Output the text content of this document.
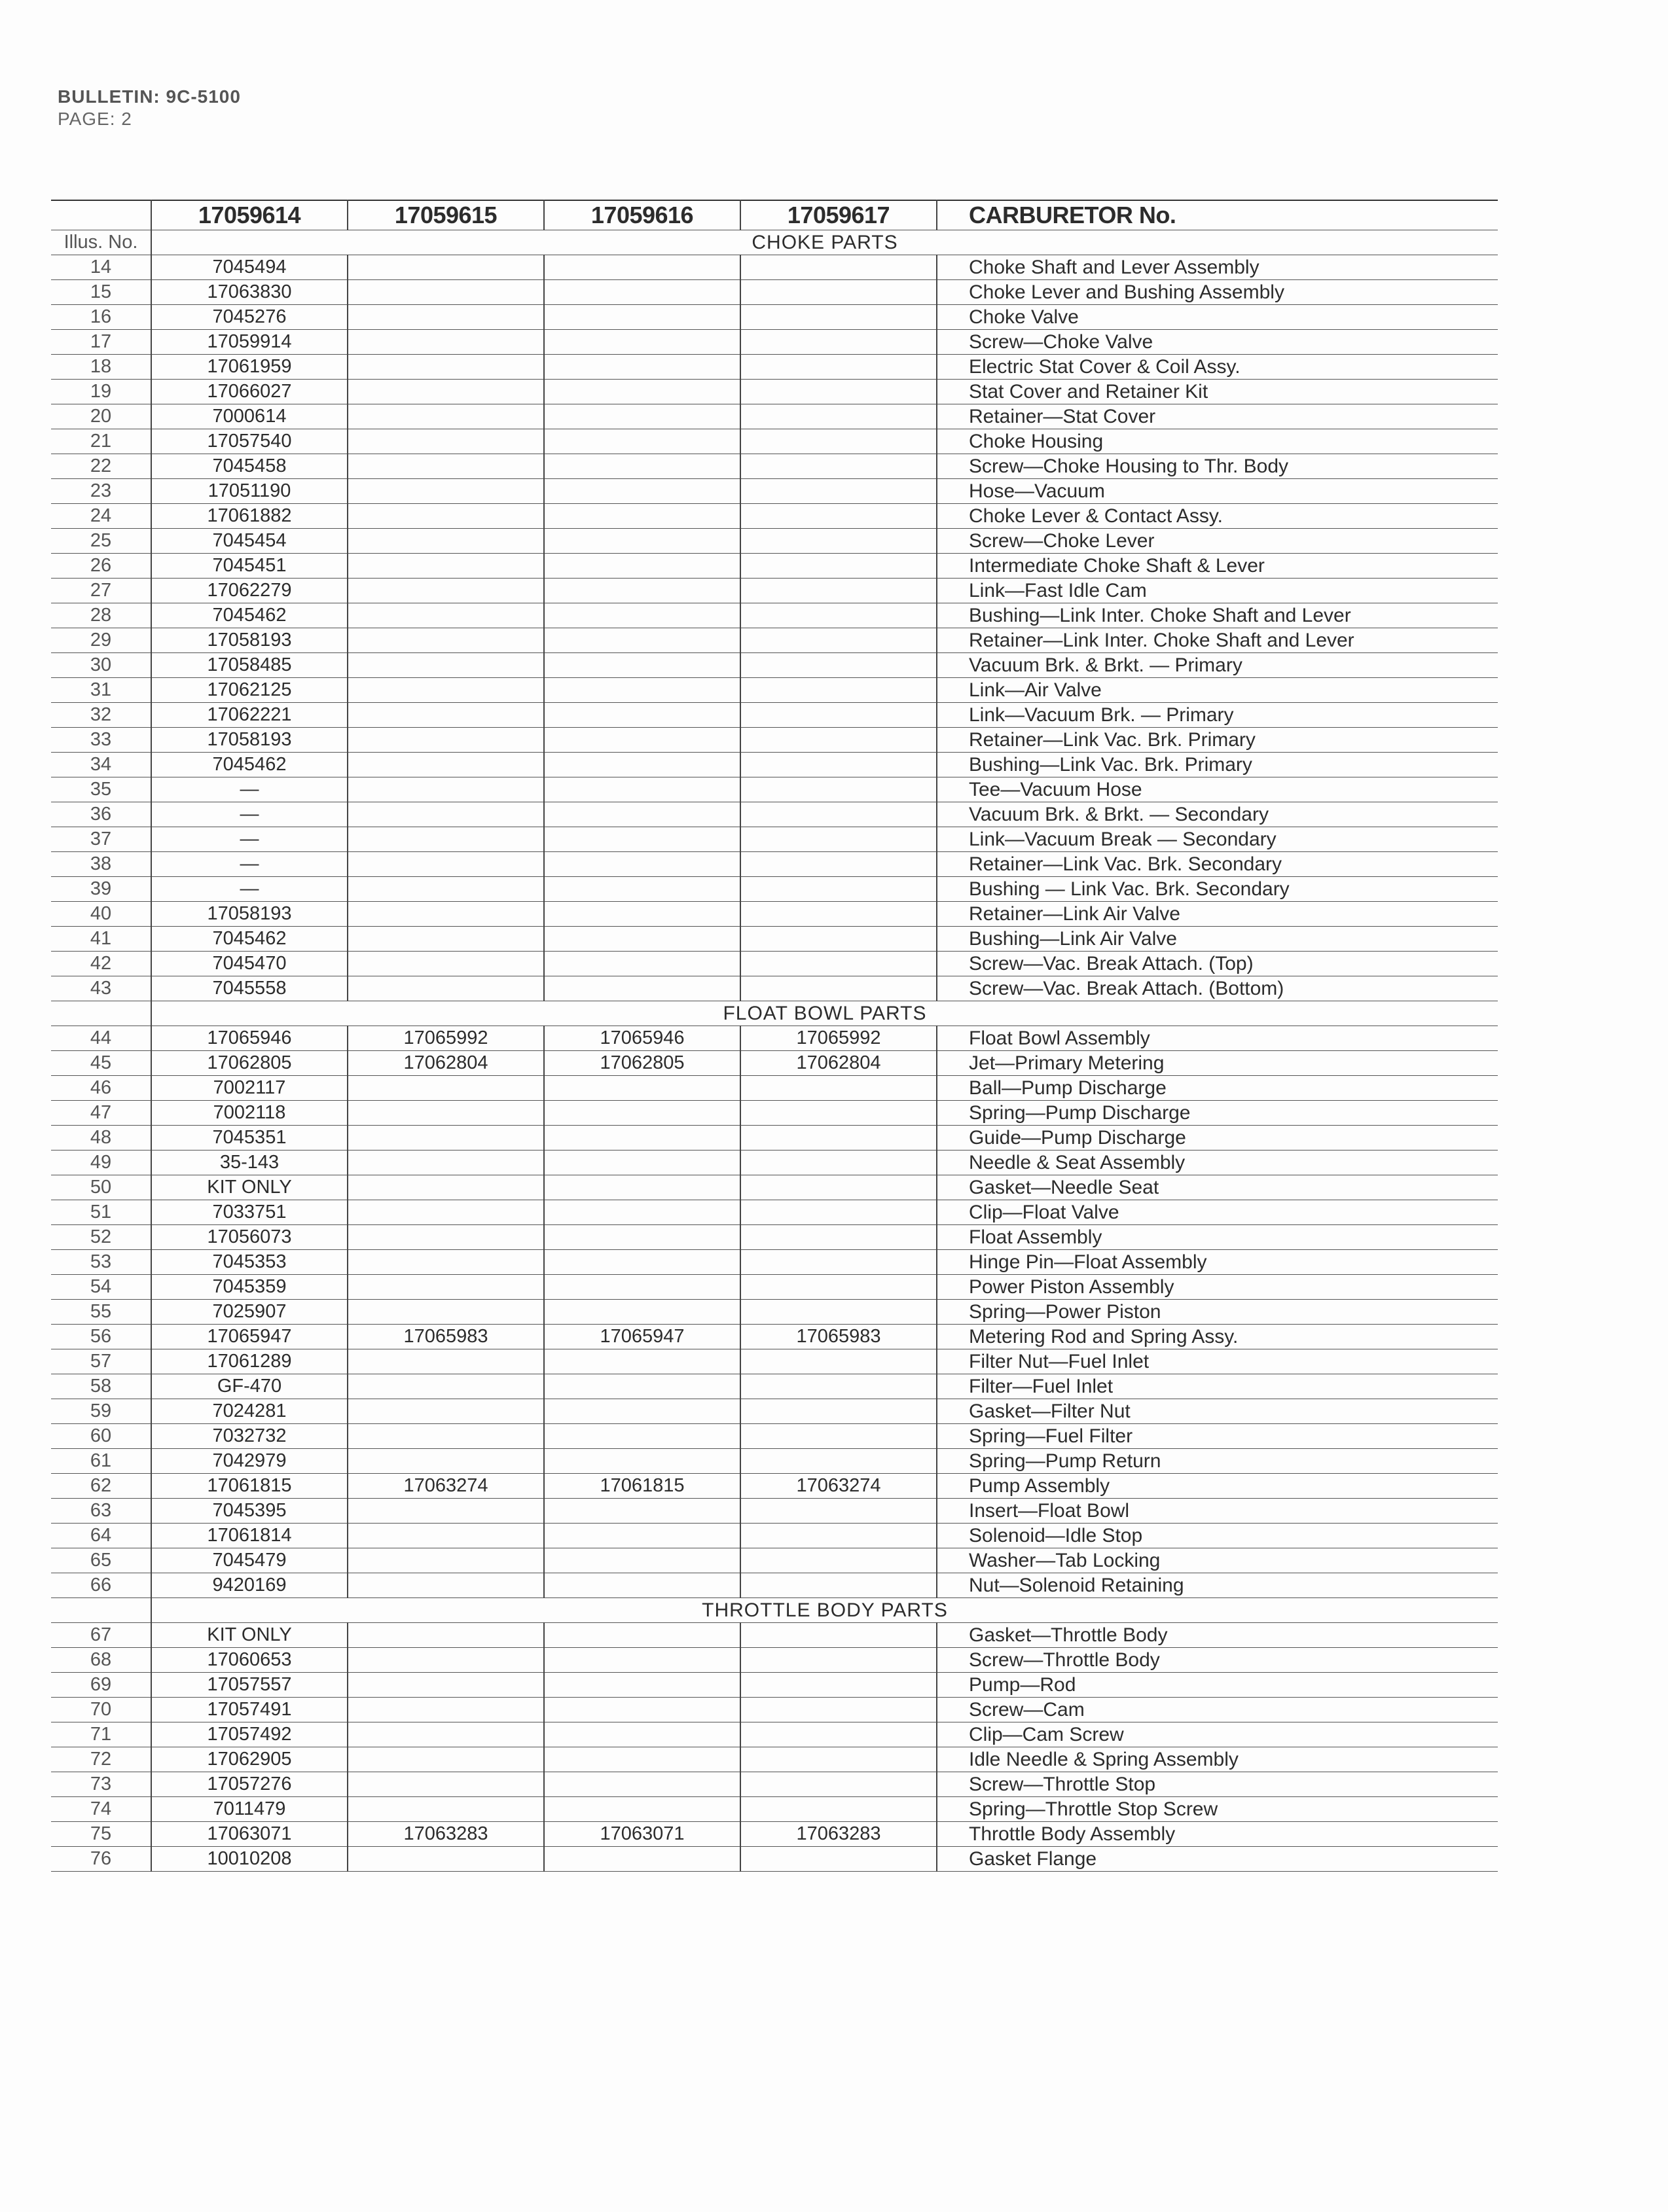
BULLETIN: 9C-5100
PAGE: 2
	17059614	17059615	17059616	17059617	CARBURETOR No.
Illus. No.	CHOKE PARTS				
14	7045494				Choke Shaft and Lever Assembly
15	17063830				Choke Lever and Bushing Assembly
16	7045276				Choke Valve
17	17059914				Screw—Choke Valve
18	17061959				Electric Stat Cover & Coil Assy.
19	17066027				Stat Cover and Retainer Kit
20	7000614				Retainer—Stat Cover
21	17057540				Choke Housing
22	7045458				Screw—Choke Housing to Thr. Body
23	17051190				Hose—Vacuum
24	17061882				Choke Lever & Contact Assy.
25	7045454				Screw—Choke Lever
26	7045451				Intermediate Choke Shaft & Lever
27	17062279				Link—Fast Idle Cam
28	7045462				Bushing—Link Inter. Choke Shaft and Lever
29	17058193				Retainer—Link Inter. Choke Shaft and Lever
30	17058485				Vacuum Brk. & Brkt. — Primary
31	17062125				Link—Air Valve
32	17062221				Link—Vacuum Brk. — Primary
33	17058193				Retainer—Link Vac. Brk. Primary
34	7045462				Bushing—Link Vac. Brk. Primary
35	—				Tee—Vacuum Hose
36	—				Vacuum Brk. & Brkt. — Secondary
37	—				Link—Vacuum Break — Secondary
38	—				Retainer—Link Vac. Brk. Secondary
39	—				Bushing — Link Vac. Brk. Secondary
40	17058193				Retainer—Link Air Valve
41	7045462				Bushing—Link Air Valve
42	7045470				Screw—Vac. Break Attach. (Top)
43	7045558				Screw—Vac. Break Attach. (Bottom)
	FLOAT BOWL PARTS				
44	17065946	17065992	17065946	17065992	Float Bowl Assembly
45	17062805	17062804	17062805	17062804	Jet—Primary Metering
46	7002117				Ball—Pump Discharge
47	7002118				Spring—Pump Discharge
48	7045351				Guide—Pump Discharge
49	35-143				Needle & Seat Assembly
50	KIT ONLY				Gasket—Needle Seat
51	7033751				Clip—Float Valve
52	17056073				Float Assembly
53	7045353				Hinge Pin—Float Assembly
54	7045359				Power Piston Assembly
55	7025907				Spring—Power Piston
56	17065947	17065983	17065947	17065983	Metering Rod and Spring Assy.
57	17061289				Filter Nut—Fuel Inlet
58	GF-470				Filter—Fuel Inlet
59	7024281				Gasket—Filter Nut
60	7032732				Spring—Fuel Filter
61	7042979				Spring—Pump Return
62	17061815	17063274	17061815	17063274	Pump Assembly
63	7045395				Insert—Float Bowl
64	17061814				Solenoid—Idle Stop
65	7045479				Washer—Tab Locking
66	9420169				Nut—Solenoid Retaining
	THROTTLE BODY PARTS				
67	KIT ONLY				Gasket—Throttle Body
68	17060653				Screw—Throttle Body
69	17057557				Pump—Rod
70	17057491				Screw—Cam
71	17057492				Clip—Cam Screw
72	17062905				Idle Needle & Spring Assembly
73	17057276				Screw—Throttle Stop
74	7011479				Spring—Throttle Stop Screw
75	17063071	17063283	17063071	17063283	Throttle Body Assembly
76	10010208				Gasket Flange
